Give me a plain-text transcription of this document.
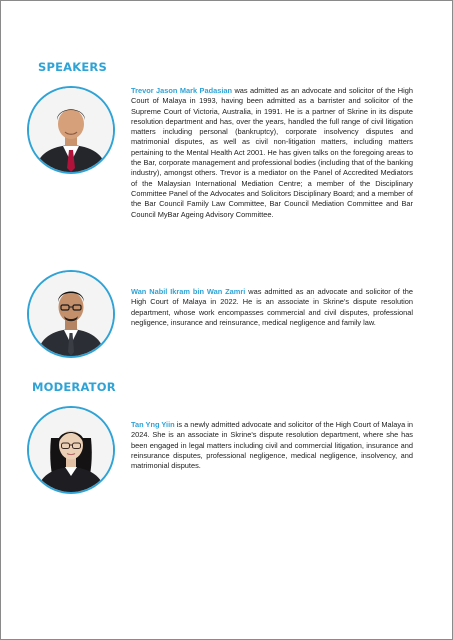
SPEAKERS

Trevor Jason Mark Padasian was admitted as an advocate and solicitor of the High Court of Malaya in 1993, having been admitted as a barrister and solicitor of the Supreme Court of Victoria, Australia, in 1991. He is a partner of Skrine in its dispute resolution department and has, over the years, handled the full range of civil litigation matters including personal (bankruptcy), corporate insolvency disputes and matrimonial disputes, as well as civil non-litigation matters, including matters pertaining to the Mental Health Act 2001. He has given talks on the foregoing areas to the Bar, corporate management and professional bodies (including that of the banking industry), amongst others. Trevor is a mediator on the Panel of Accredited Mediators of the Malaysian International Mediation Centre; a member of the Disciplinary Committee Panel of the Advocates and Solicitors Disciplinary Board; and a member of the Bar Council Family Law Committee, Bar Council Mediation Committee and Bar Council MyBar Ageing Advisory Committee.

Wan Nabil Ikram bin Wan Zamri was admitted as an advocate and solicitor of the High Court of Malaya in 2022. He is an associate in Skrine's dispute resolution department, whose work encompasses commercial and civil disputes, professional negligence, insurance and reinsurance, medical negligence and family law.

MODERATOR

Tan Yng Yiin is a newly admitted advocate and solicitor of the High Court of Malaya in 2024. She is an associate in Skrine's dispute resolution department, where she has been engaged in legal matters including civil and commercial litigation, insurance and reinsurance disputes, professional negligence, medical negligence, insolvency, and matrimonial disputes.
